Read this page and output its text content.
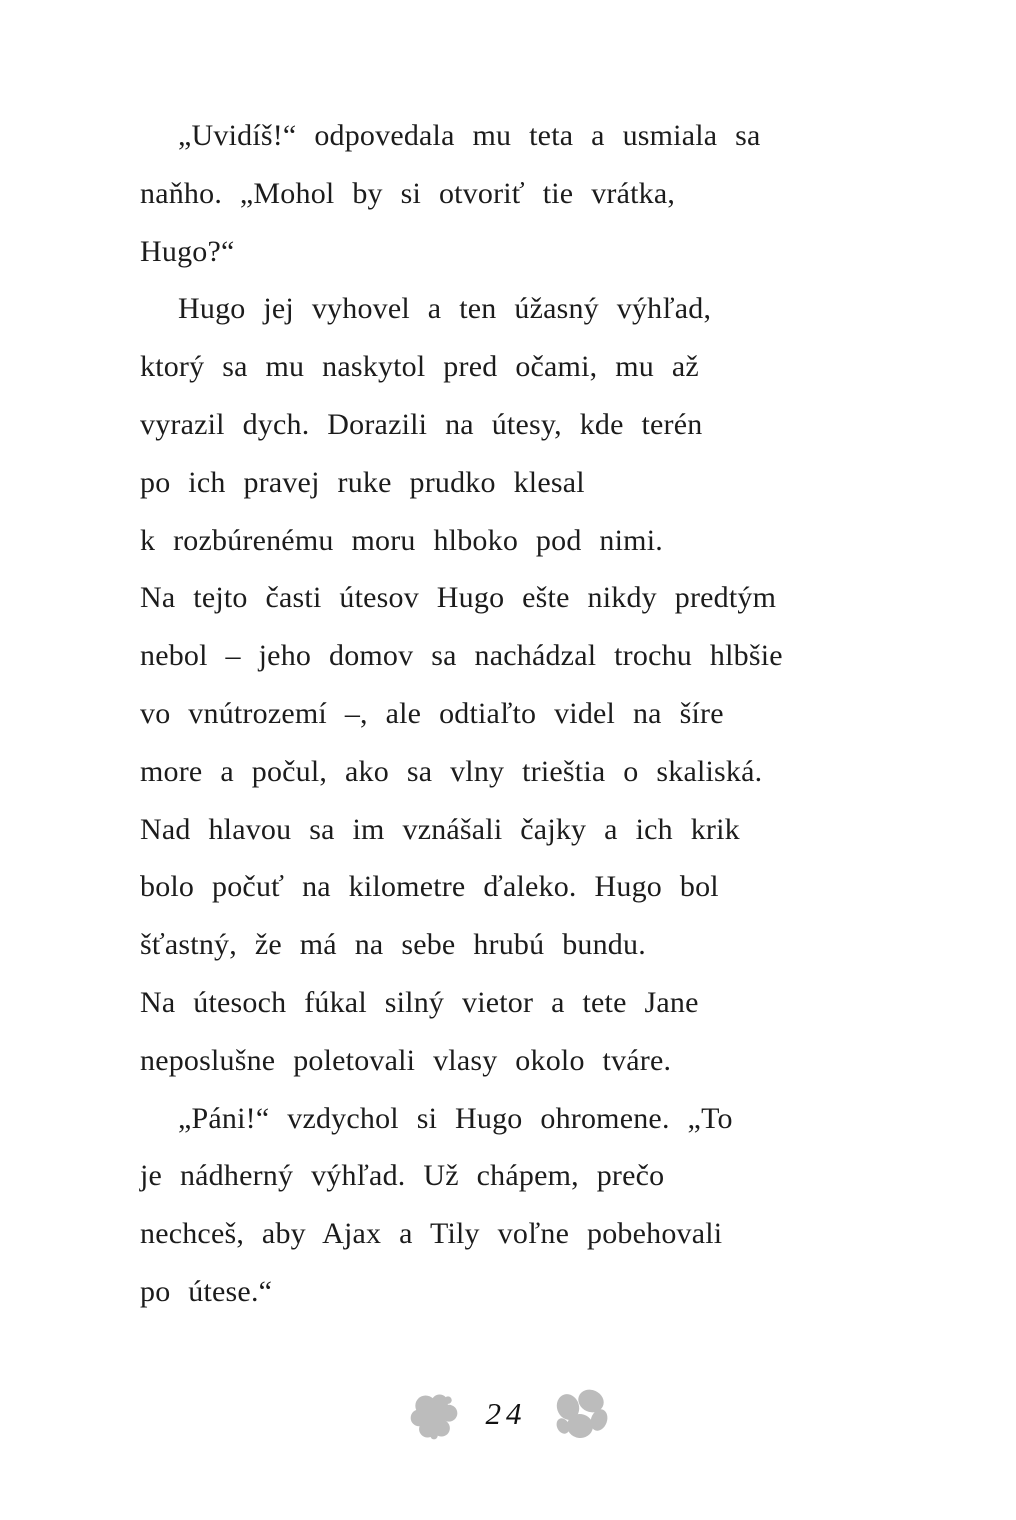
„Uvidíš!“ odpovedala mu teta a usmiala sa
naňho. „Mohol by si otvoriť tie vrátka,
Hugo?“
Hugo jej vyhovel a ten úžasný výhľad,
ktorý sa mu naskytol pred očami, mu až
vyrazil dych. Dorazili na útesy, kde terén
po ich pravej ruke prudko klesal
k rozbúrenému moru hlboko pod nimi.
Na tejto časti útesov Hugo ešte nikdy predtým
nebol – jeho domov sa nachádzal trochu hlbšie
vo vnútrozemí –, ale odtiaľto videl na šíre
more a počul, ako sa vlny trieštia o skaliská.
Nad hlavou sa im vznášali čajky a ich krik
bolo počuť na kilometre ďaleko. Hugo bol
šťastný, že má na sebe hrubú bundu.
Na útesoch fúkal silný vietor a tete Jane
neposlušne poletovali vlasy okolo tváre.
„Páni!“ vzdychol si Hugo ohromene. „To
je nádherný výhľad. Už chápem, prečo
nechceš, aby Ajax a Tily voľne pobehovali
po útese.“
24
